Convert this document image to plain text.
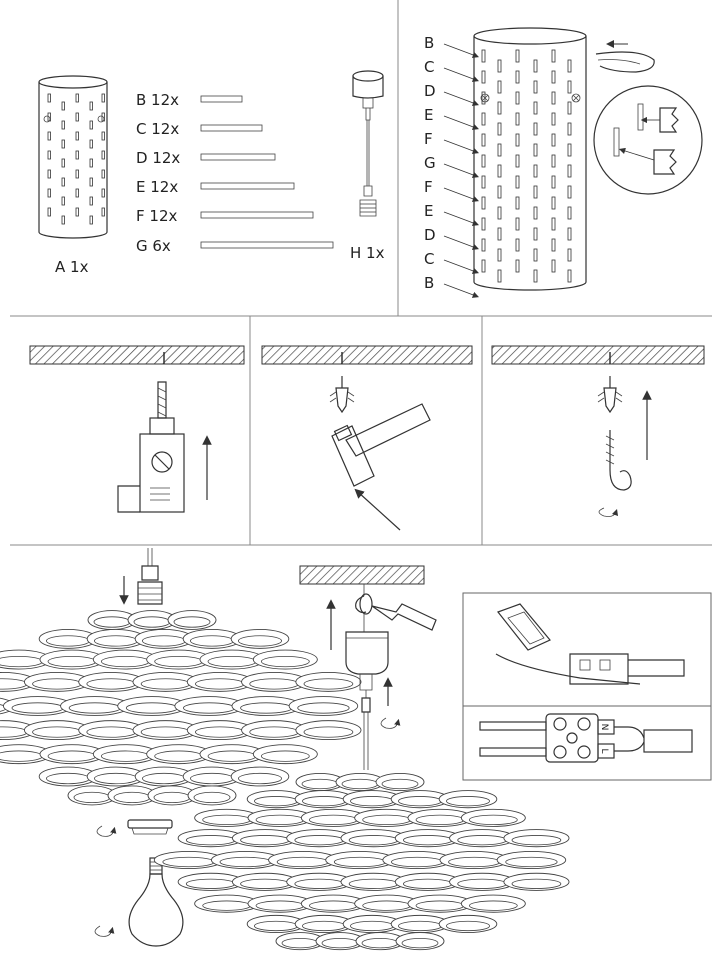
A 1x
B 12x
C 12x
D 12x
E 12x
F 12x
G 6x	H 1x
B
C
D
E
F
G
F
E
D
C
B
N
L
